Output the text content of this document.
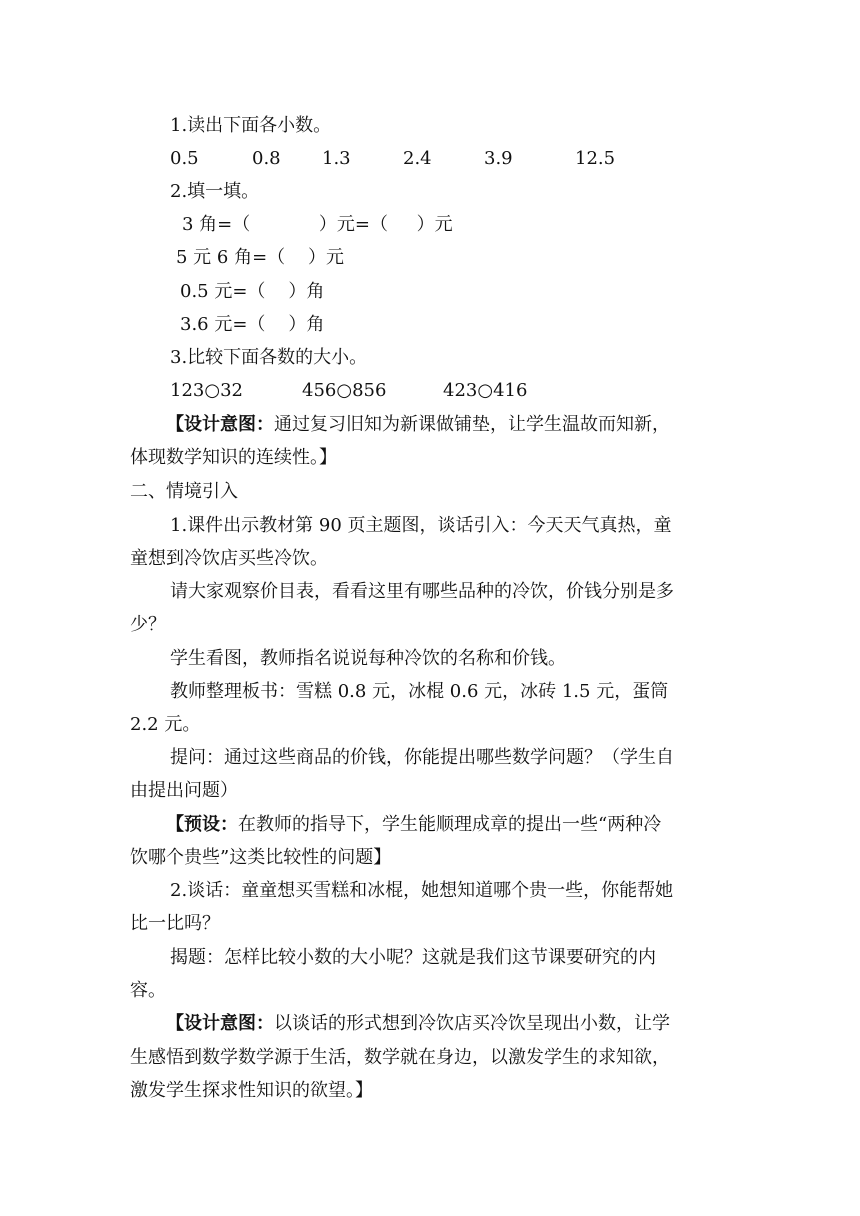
1.读出下面各小数。
0.5	0.8 1.3	2.4	3.9	12.5
2.填一填。
3 角=（            ）元=（     ）元
5 元 6 角=（    ）元
0.5 元=（    ）角
3.6 元=（    ）角
3.比较下面各数的大小。
123○32	456○856	423○416
【设计意图：通过复习旧知为新课做铺垫，让学生温故而知新，
体现数学知识的连续性。】
二、情境引入
1.课件出示教材第 90 页主题图，谈话引入：今天天气真热，童
童想到冷饮店买些冷饮。
请大家观察价目表，看看这里有哪些品种的冷饮，价钱分别是多
少？
学生看图，教师指名说说每种冷饮的名称和价钱。
教师整理板书：雪糕 0.8 元，冰棍 0.6 元，冰砖 1.5 元，蛋筒
2.2 元。
提问：通过这些商品的价钱，你能提出哪些数学问题？（学生自
由提出问题）
【预设：在教师的指导下，学生能顺理成章的提出一些“两种冷
饮哪个贵些”这类比较性的问题】
2.谈话：童童想买雪糕和冰棍，她想知道哪个贵一些，你能帮她
比一比吗？
揭题：怎样比较小数的大小呢？这就是我们这节课要研究的内
容。
【设计意图：以谈话的形式想到冷饮店买冷饮呈现出小数，让学
生感悟到数学数学源于生活，数学就在身边，以激发学生的求知欲，
激发学生探求性知识的欲望。】
